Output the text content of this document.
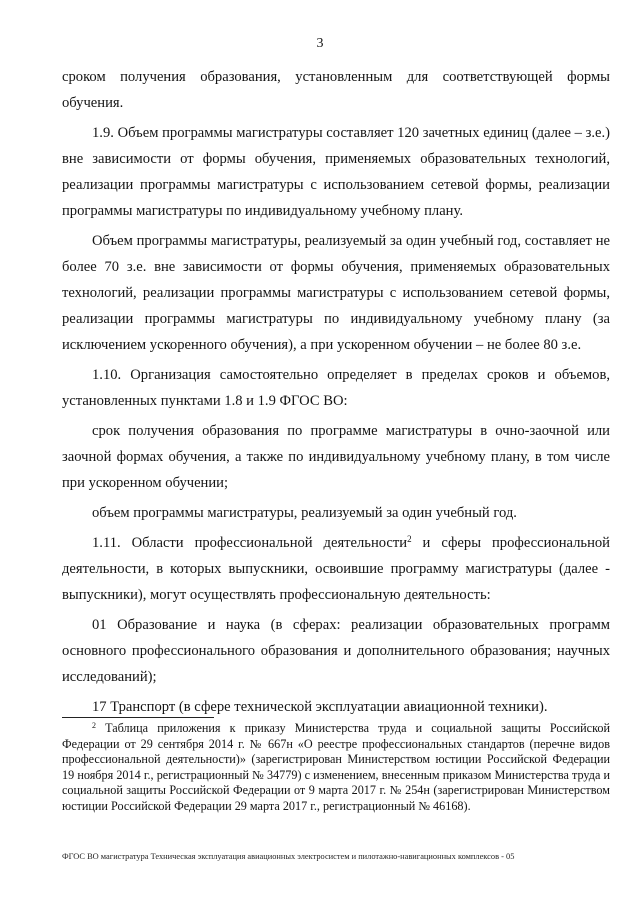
3

сроком получения образования, установленным для соответствующей формы обучения.

1.9. Объем программы магистратуры составляет 120 зачетных единиц (далее – з.е.) вне зависимости от формы обучения, применяемых образовательных технологий, реализации программы магистратуры с использованием сетевой формы, реализации программы магистратуры по индивидуальному учебному плану.

Объем программы магистратуры, реализуемый за один учебный год, составляет не более 70 з.е. вне зависимости от формы обучения, применяемых образовательных технологий, реализации программы магистратуры с использованием сетевой формы, реализации программы магистратуры по индивидуальному учебному плану (за исключением ускоренного обучения), а при ускоренном обучении – не более 80 з.е.

1.10. Организация самостоятельно определяет в пределах сроков и объемов, установленных пунктами 1.8 и 1.9 ФГОС ВО:

срок получения образования по программе магистратуры в очно-заочной или заочной формах обучения, а также по индивидуальному учебному плану, в том числе при ускоренном обучении;

объем программы магистратуры, реализуемый за один учебный год.

1.11. Области профессиональной деятельности$^2$ и сферы профессиональной деятельности, в которых выпускники, освоившие программу магистратуры (далее - выпускники), могут осуществлять профессиональную деятельность:

01 Образование и наука (в сферах: реализации образовательных программ основного профессионального образования и дополнительного образования; научных исследований);

17 Транспорт (в сфере технической эксплуатации авиационной техники).

$^2$ Таблица приложения к приказу Министерства труда и социальной защиты Российской Федерации от 29 сентября 2014 г. № 667н «О реестре профессиональных стандартов (перечне видов профессиональной деятельности)» (зарегистрирован Министерством юстиции Российской Федерации 19 ноября 2014 г., регистрационный № 34779) с изменением, внесенным приказом Министерства труда и социальной защиты Российской Федерации от 9 марта 2017 г. № 254н (зарегистрирован Министерством юстиции Российской Федерации 29 марта 2017 г., регистрационный № 46168).
ФГОС ВО магистратура Техническая эксплуатация авиационных электросистем и пилотажно-навигационных комплексов - 05
